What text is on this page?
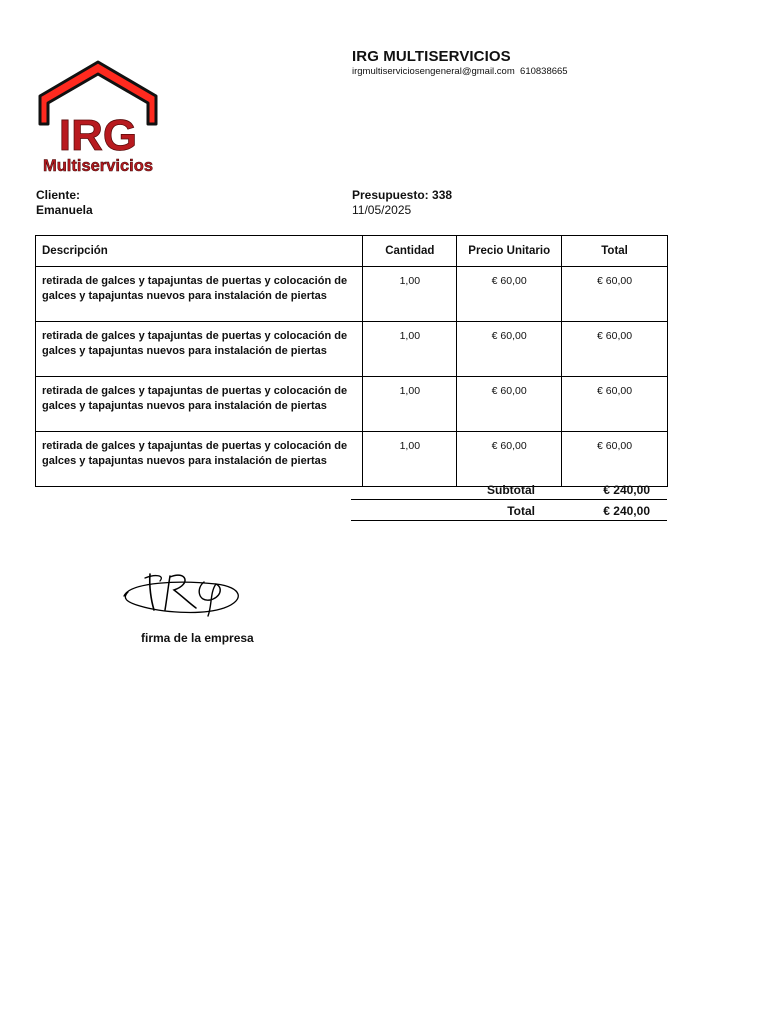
IRG
Multiservicios
IRG MULTISERVICIOS
irgmultiserviciosengeneral@gmail.com  610838665
Cliente:
Emanuela
Presupuesto: 338
11/05/2025
Descripción	Cantidad	Precio Unitario	Total
retirada de galces y tapajuntas de puertas y colocación de galces y tapajuntas nuevos para instalación de piertas	1,00	€ 60,00	€ 60,00
retirada de galces y tapajuntas de puertas y colocación de galces y tapajuntas nuevos para instalación de piertas	1,00	€ 60,00	€ 60,00
retirada de galces y tapajuntas de puertas y colocación de galces y tapajuntas nuevos para instalación de piertas	1,00	€ 60,00	€ 60,00
retirada de galces y tapajuntas de puertas y colocación de galces y tapajuntas nuevos para instalación de piertas	1,00	€ 60,00	€ 60,00
Subtotal	€ 240,00
Total	€ 240,00
firma de la empresa
